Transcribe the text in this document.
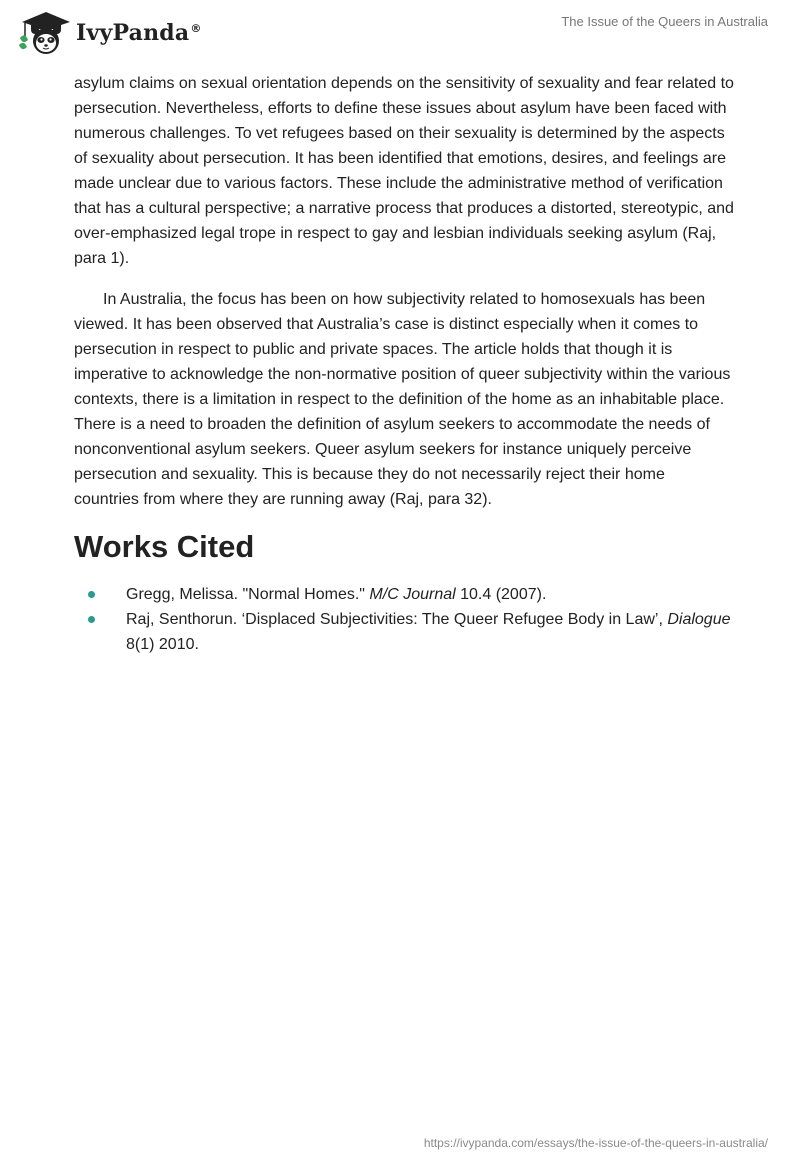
IvyPanda®	The Issue of the Queers in Australia

asylum claims on sexual orientation depends on the sensitivity of sexuality and fear related to persecution. Nevertheless, efforts to define these issues about asylum have been faced with numerous challenges. To vet refugees based on their sexuality is determined by the aspects of sexuality about persecution. It has been identified that emotions, desires, and feelings are made unclear due to various factors. These include the administrative method of verification that has a cultural perspective; a narrative process that produces a distorted, stereotypic, and over-emphasized legal trope in respect to gay and lesbian individuals seeking asylum (Raj, para 1).

In Australia, the focus has been on how subjectivity related to homosexuals has been viewed. It has been observed that Australia’s case is distinct especially when it comes to persecution in respect to public and private spaces. The article holds that though it is imperative to acknowledge the non-normative position of queer subjectivity within the various contexts, there is a limitation in respect to the definition of the home as an inhabitable place. There is a need to broaden the definition of asylum seekers to accommodate the needs of nonconventional asylum seekers. Queer asylum seekers for instance uniquely perceive persecution and sexuality. This is because they do not necessarily reject their home countries from where they are running away (Raj, para 32).

Works Cited
Gregg, Melissa. "Normal Homes." M/C Journal 10.4 (2007).
Raj, Senthorun. ‘Displaced Subjectivities: The Queer Refugee Body in Law’, Dialogue 8(1) 2010.
https://ivypanda.com/essays/the-issue-of-the-queers-in-australia/
